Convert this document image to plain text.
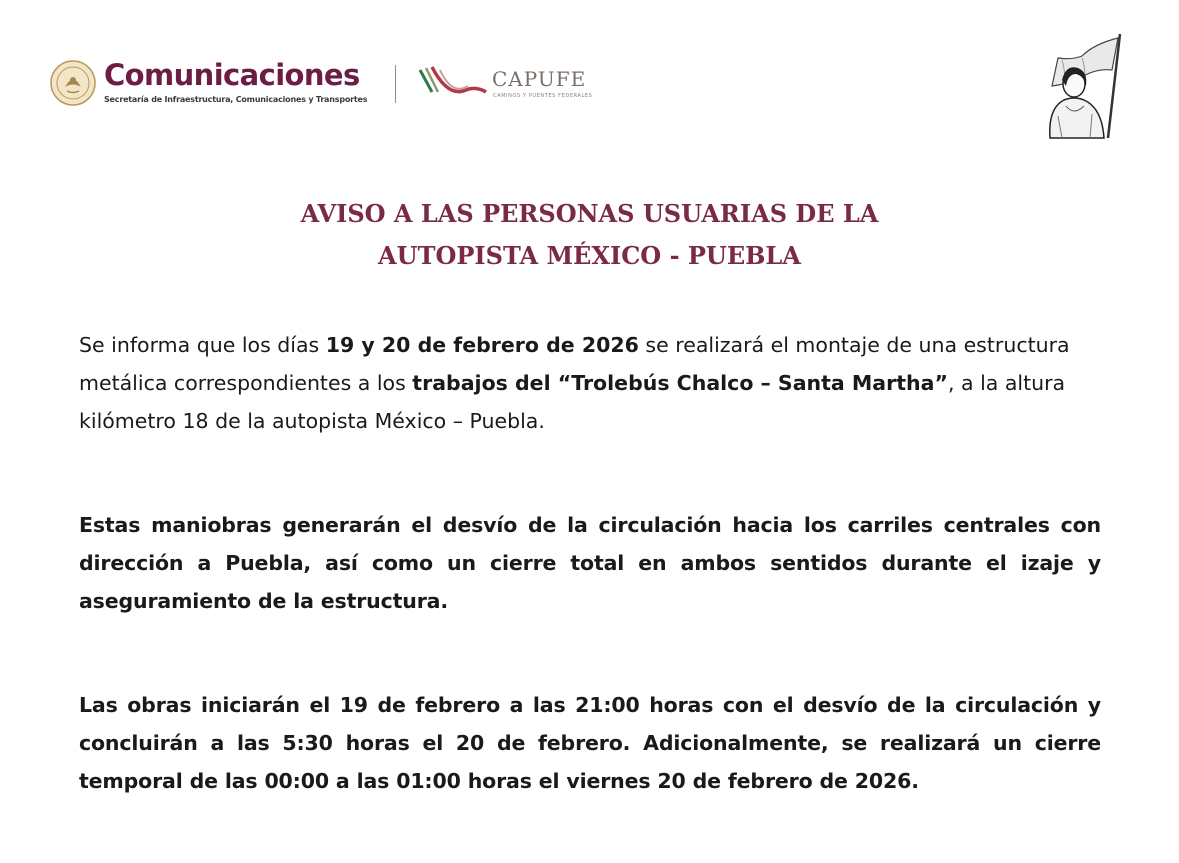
Comunicaciones
Secretaría de Infraestructura, Comunicaciones y Transportes
CAPUFE
CAMINOS Y PUENTES FEDERALES
AVISO A LAS PERSONAS USUARIAS DE LA
AUTOPISTA MÉXICO - PUEBLA

Se informa que los días 19 y 20 de febrero de 2026 se realizará el montaje de una estructura metálica correspondientes a los trabajos del “Trolebús Chalco – Santa Martha”, a la altura kilómetro 18 de la autopista México – Puebla.

Estas maniobras generarán el desvío de la circulación hacia los carriles centrales con dirección a Puebla, así como un cierre total en ambos sentidos durante el izaje y aseguramiento de la estructura.

Las obras iniciarán el 19 de febrero a las 21:00 horas con el desvío de la circulación y concluirán a las 5:30 horas el 20 de febrero. Adicionalmente, se realizará un cierre temporal de las 00:00 a las 01:00 horas el viernes 20 de febrero de 2026.
